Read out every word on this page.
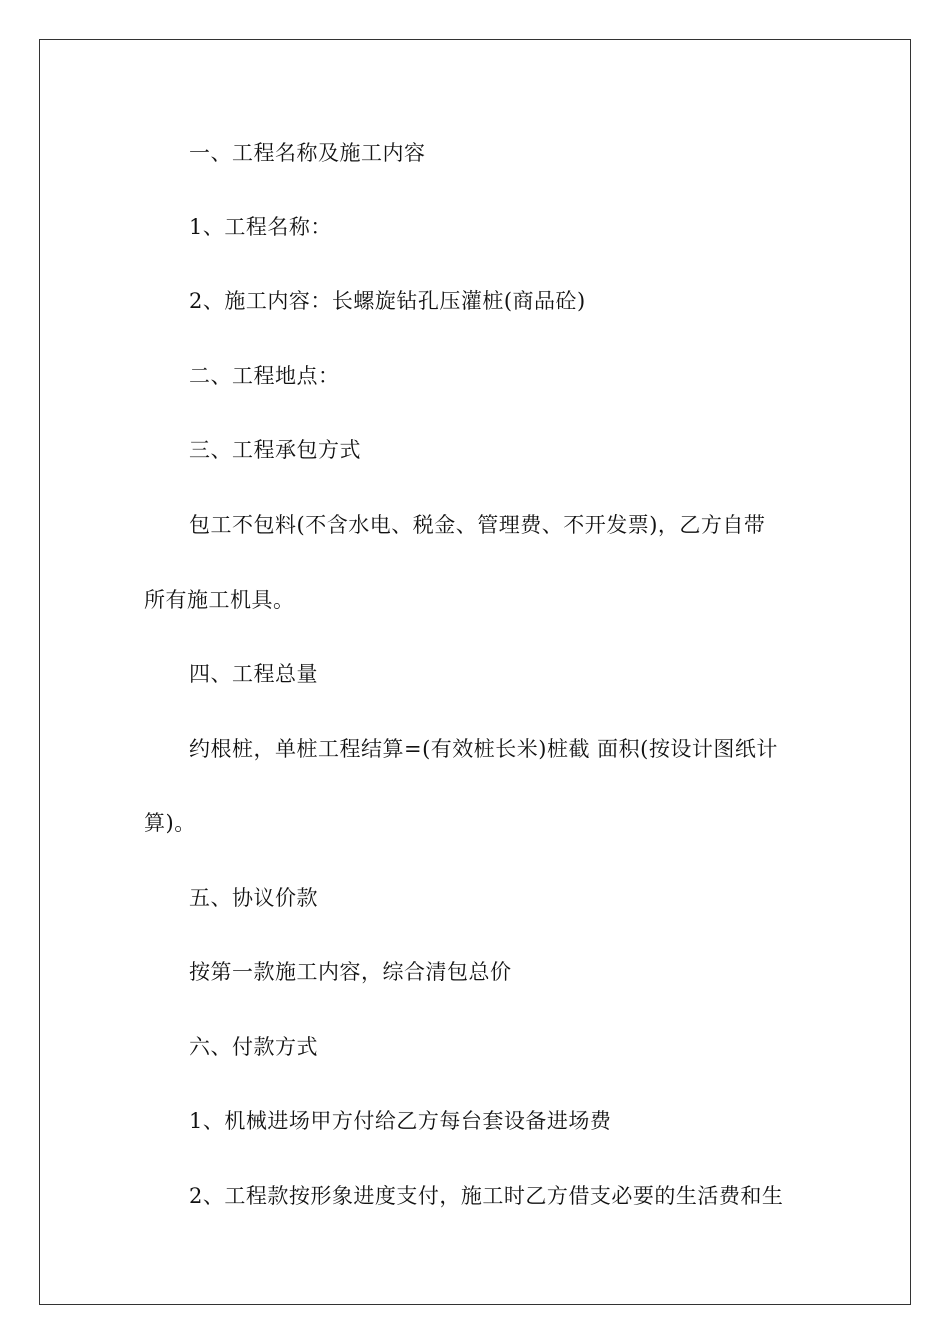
一、工程名称及施工内容
1、工程名称：
2、施工内容：长螺旋钻孔压灌桩(商品砼)
二、工程地点：
三、工程承包方式
包工不包料(不含水电、税金、管理费、不开发票)，乙方自带
所有施工机具。
四、工程总量
约根桩，单桩工程结算=(有效桩长米)桩截 面积(按设计图纸计
算)。
五、协议价款
按第一款施工内容，综合清包总价
六、付款方式
1、机械进场甲方付给乙方每台套设备进场费
2、工程款按形象进度支付，施工时乙方借支必要的生活费和生
